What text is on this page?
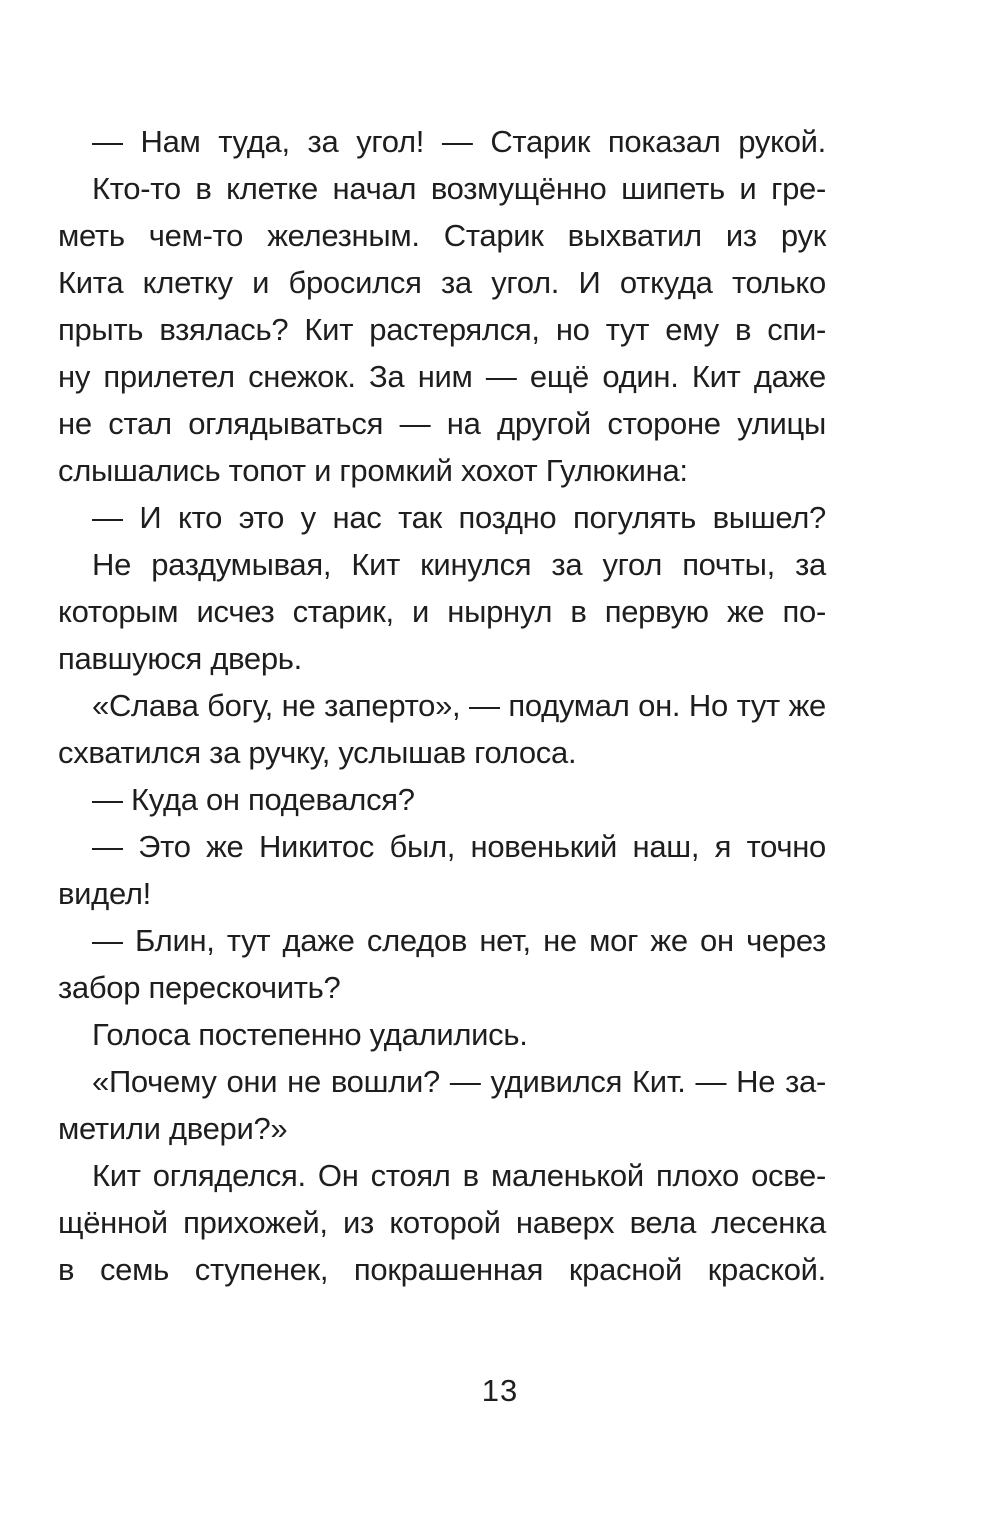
— Нам туда, за угол! — Старик показал рукой.
Кто-то в клетке начал возмущённо шипеть и гре-
меть чем-то железным. Старик выхватил из рук
Кита клетку и бросился за угол. И откуда только
прыть взялась? Кит растерялся, но тут ему в спи-
ну прилетел снежок. За ним — ещё один. Кит даже
не стал оглядываться — на другой стороне улицы
слышались топот и громкий хохот Гулюкина:
— И кто это у нас так поздно погулять вышел?
Не раздумывая, Кит кинулся за угол почты, за
которым исчез старик, и нырнул в первую же по-
павшуюся дверь.
«Слава богу, не заперто», — подумал он. Но тут же
схватился за ручку, услышав голоса.
— Куда он подевался?
— Это же Никитос был, новенький наш, я точно
видел!
— Блин, тут даже следов нет, не мог же он через
забор перескочить?
Голоса постепенно удалились.
«Почему они не вошли? — удивился Кит. — Не за-
метили двери?»
Кит огляделся. Он стоял в маленькой плохо осве-
щённой прихожей, из которой наверх вела лесенка
в семь ступенек, покрашенная красной краской.
13
